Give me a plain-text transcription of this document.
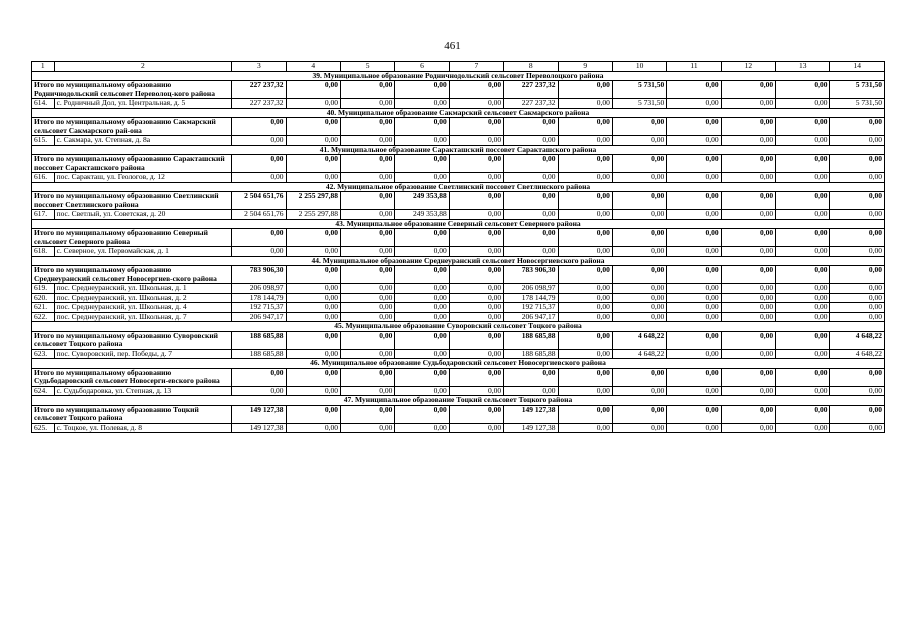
461
1	2	3	4	5	6	7	8	9	10	11	12	13	14
39. Муниципальное образование Родничнодольский сельсовет Переволоцкого района													
Итого по муниципальному образованию Родничнодольский сельсовет Переволоц-кого района		227 237,32	0,00	0,00	0,00	0,00	227 237,32	0,00	5 731,50	0,00	0,00	0,00	5 731,50
614.	с. Родничный Дол, ул. Центральная, д. 5	227 237,32	0,00	0,00	0,00	0,00	227 237,32	0,00	5 731,50	0,00	0,00	0,00	5 731,50
40. Муниципальное образование Сакмарский сельсовет Сакмарского района													
Итого по муниципальному образованию Сакмарский сельсовет Сакмарского рай-она		0,00	0,00	0,00	0,00	0,00	0,00	0,00	0,00	0,00	0,00	0,00	0,00
615.	с. Сакмара, ул. Степная, д. 8а	0,00	0,00	0,00	0,00	0,00	0,00	0,00	0,00	0,00	0,00	0,00	0,00
41. Муниципальное образование Саракташский поссовет Саракташского района													
Итого по муниципальному образованию Саракташский поссовет Саракташского района		0,00	0,00	0,00	0,00	0,00	0,00	0,00	0,00	0,00	0,00	0,00	0,00
616.	пос. Саракташ, ул. Геологов, д. 12	0,00	0,00	0,00	0,00	0,00	0,00	0,00	0,00	0,00	0,00	0,00	0,00
42. Муниципальное образование Светлинский поссовет Светлинского района													
Итого по муниципальному образованию Светлинский поссовет Светлинского района		2 504 651,76	2 255 297,88	0,00	249 353,88	0,00	0,00	0,00	0,00	0,00	0,00	0,00	0,00
617.	пос. Светлый, ул. Советская, д. 20	2 504 651,76	2 255 297,88	0,00	249 353,88	0,00	0,00	0,00	0,00	0,00	0,00	0,00	0,00
43. Муниципальное образование Северный сельсовет Северного района													
Итого по муниципальному образованию Северный сельсовет Северного района		0,00	0,00	0,00	0,00	0,00	0,00	0,00	0,00	0,00	0,00	0,00	0,00
618.	с. Северное, ул. Первомайская, д. 1	0,00	0,00	0,00	0,00	0,00	0,00	0,00	0,00	0,00	0,00	0,00	0,00
44. Муниципальное образование Среднеуранский сельсовет Новосергиевского района													
Итого по муниципальному образованию Среднеуранский сельсовет Новосергиев-ского района		783 906,30	0,00	0,00	0,00	0,00	783 906,30	0,00	0,00	0,00	0,00	0,00	0,00
619.	пос. Среднеуранский, ул. Школьная, д. 1	206 098,97	0,00	0,00	0,00	0,00	206 098,97	0,00	0,00	0,00	0,00	0,00	0,00
620.	пос. Среднеуранский, ул. Школьная, д. 2	178 144,79	0,00	0,00	0,00	0,00	178 144,79	0,00	0,00	0,00	0,00	0,00	0,00
621.	пос. Среднеуранский, ул. Школьная, д. 4	192 715,37	0,00	0,00	0,00	0,00	192 715,37	0,00	0,00	0,00	0,00	0,00	0,00
622.	пос. Среднеуранский, ул. Школьная, д. 7	206 947,17	0,00	0,00	0,00	0,00	206 947,17	0,00	0,00	0,00	0,00	0,00	0,00
45. Муниципальное образование Суворовский сельсовет Тоцкого района													
Итого по муниципальному образованию Суворовский сельсовет Тоцкого района		188 685,88	0,00	0,00	0,00	0,00	188 685,88	0,00	4 648,22	0,00	0,00	0,00	4 648,22
623.	пос. Суворовский, пер. Победы, д. 7	188 685,88	0,00	0,00	0,00	0,00	188 685,88	0,00	4 648,22	0,00	0,00	0,00	4 648,22
46. Муниципальное образование Судьбодаровский сельсовет Новосергиевского района													
Итого по муниципальному образованию Судьбодаровский сельсовет Новосерги-евского района		0,00	0,00	0,00	0,00	0,00	0,00	0,00	0,00	0,00	0,00	0,00	0,00
624.	с. Судьбодаровка, ул. Степная, д. 13	0,00	0,00	0,00	0,00	0,00	0,00	0,00	0,00	0,00	0,00	0,00	0,00
47. Муниципальное образование Тоцкий сельсовет Тоцкого района													
Итого по муниципальному образованию Тоцкий сельсовет Тоцкого района		149 127,38	0,00	0,00	0,00	0,00	149 127,38	0,00	0,00	0,00	0,00	0,00	0,00
625.	с. Тоцкое, ул. Полевая, д. 8	149 127,38	0,00	0,00	0,00	0,00	149 127,38	0,00	0,00	0,00	0,00	0,00	0,00
